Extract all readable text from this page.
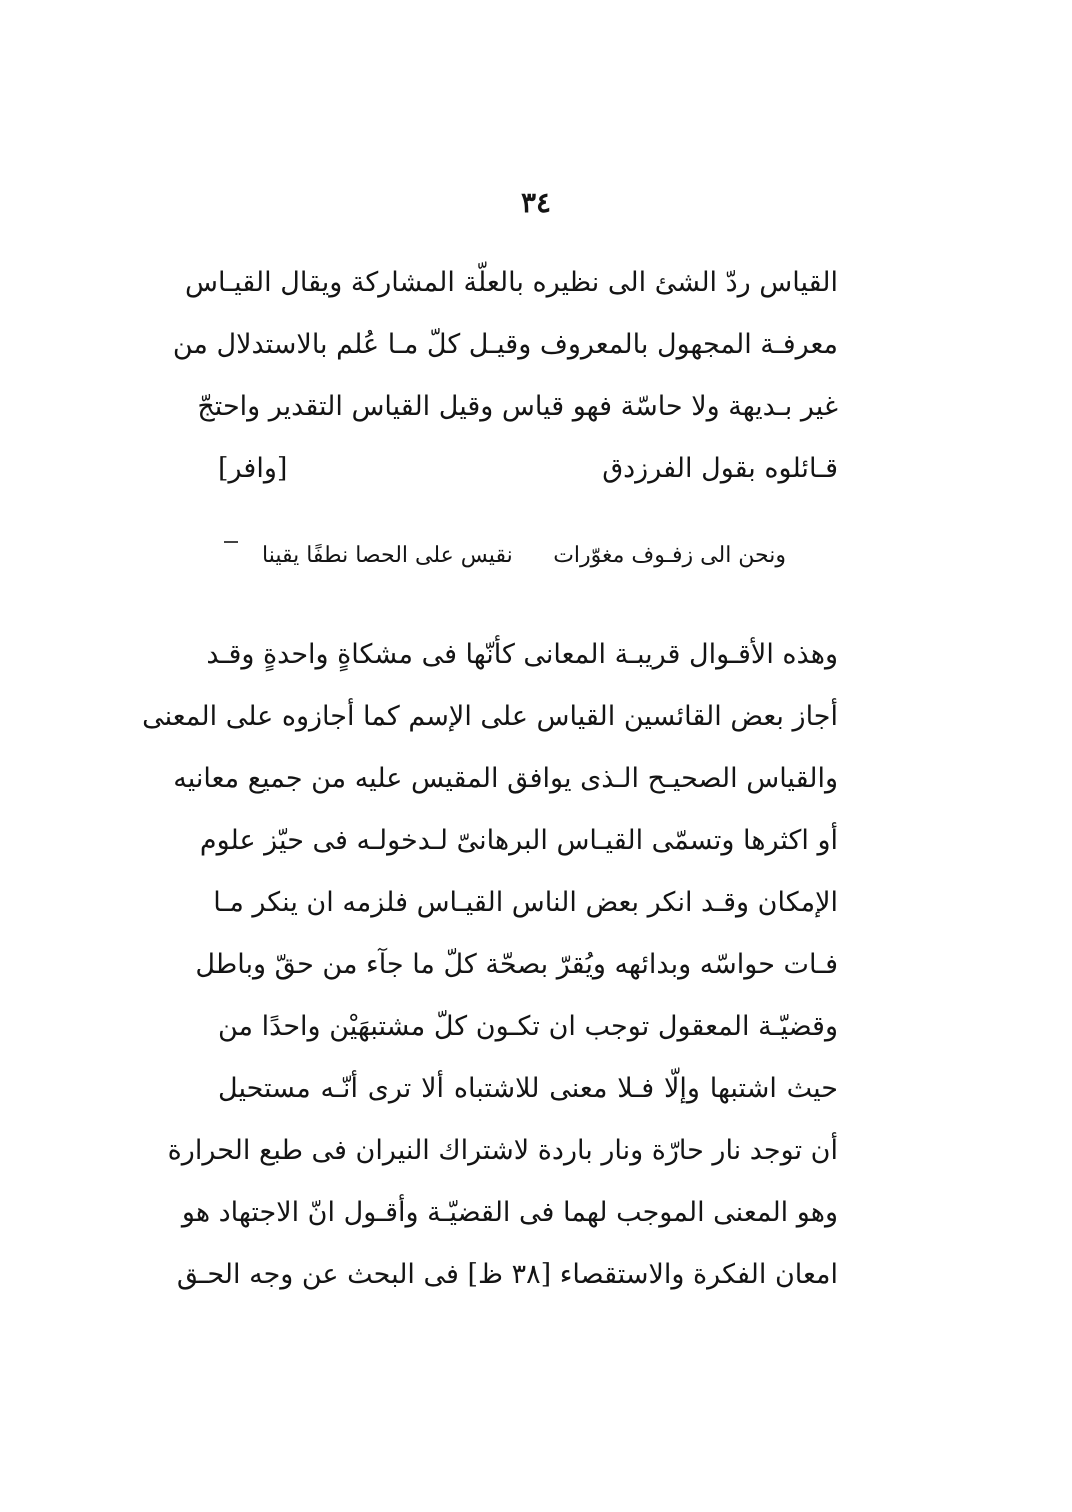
٣٤
القياس ردّ الشئ الى نظيره بالعلّة المشاركة ويقال القيـاس
معرفـة المجهول بالمعروف وقيـل كلّ مـا عُلم بالاستدلال من
غير بـديهة ولا حاسّة فهو قياس وقيل القياس التقدير واحتجّ
قـائلوه بقول الفرزدق
[وافر]
ونحن الى زفـوف مغوّرات
نقيس على الحصا نطفًا يقينا
وهذه الأقـوال قريبـة المعانى كأنّها فى مشكاةٍ واحدةٍ وقـد
أجاز بعض القائسين القياس على الإسم كما أجازوه على المعنى
والقياس الصحيـح الـذى يوافق المقيس عليه من جميع معانيه
أو اكثرها وتسمّى القيـاس البرهانىّ لـدخولـه فى حيّز علوم
الإمكان وقـد انكر بعض الناس القيـاس فلزمه ان ينكر مـا
فـات حواسّه وبدائهه ويُقرّ بصحّة كلّ ما جآء من حقّ وباطل
وقضيّـة المعقول توجب ان تكـون كلّ مشتبهَيْن واحدًا من
حيث اشتبها وإلّا فـلا معنى للاشتباه ألا ترى أنّـه مستحيل
أن توجد نار حارّة ونار باردة لاشتراك النيران فى طبع الحرارة
وهو المعنى الموجب لهما فى القضيّـة وأقـول انّ الاجتهاد هو
امعان الفكرة والاستقصاء [٣٨ ظ] فى البحث عن وجه الحـق
